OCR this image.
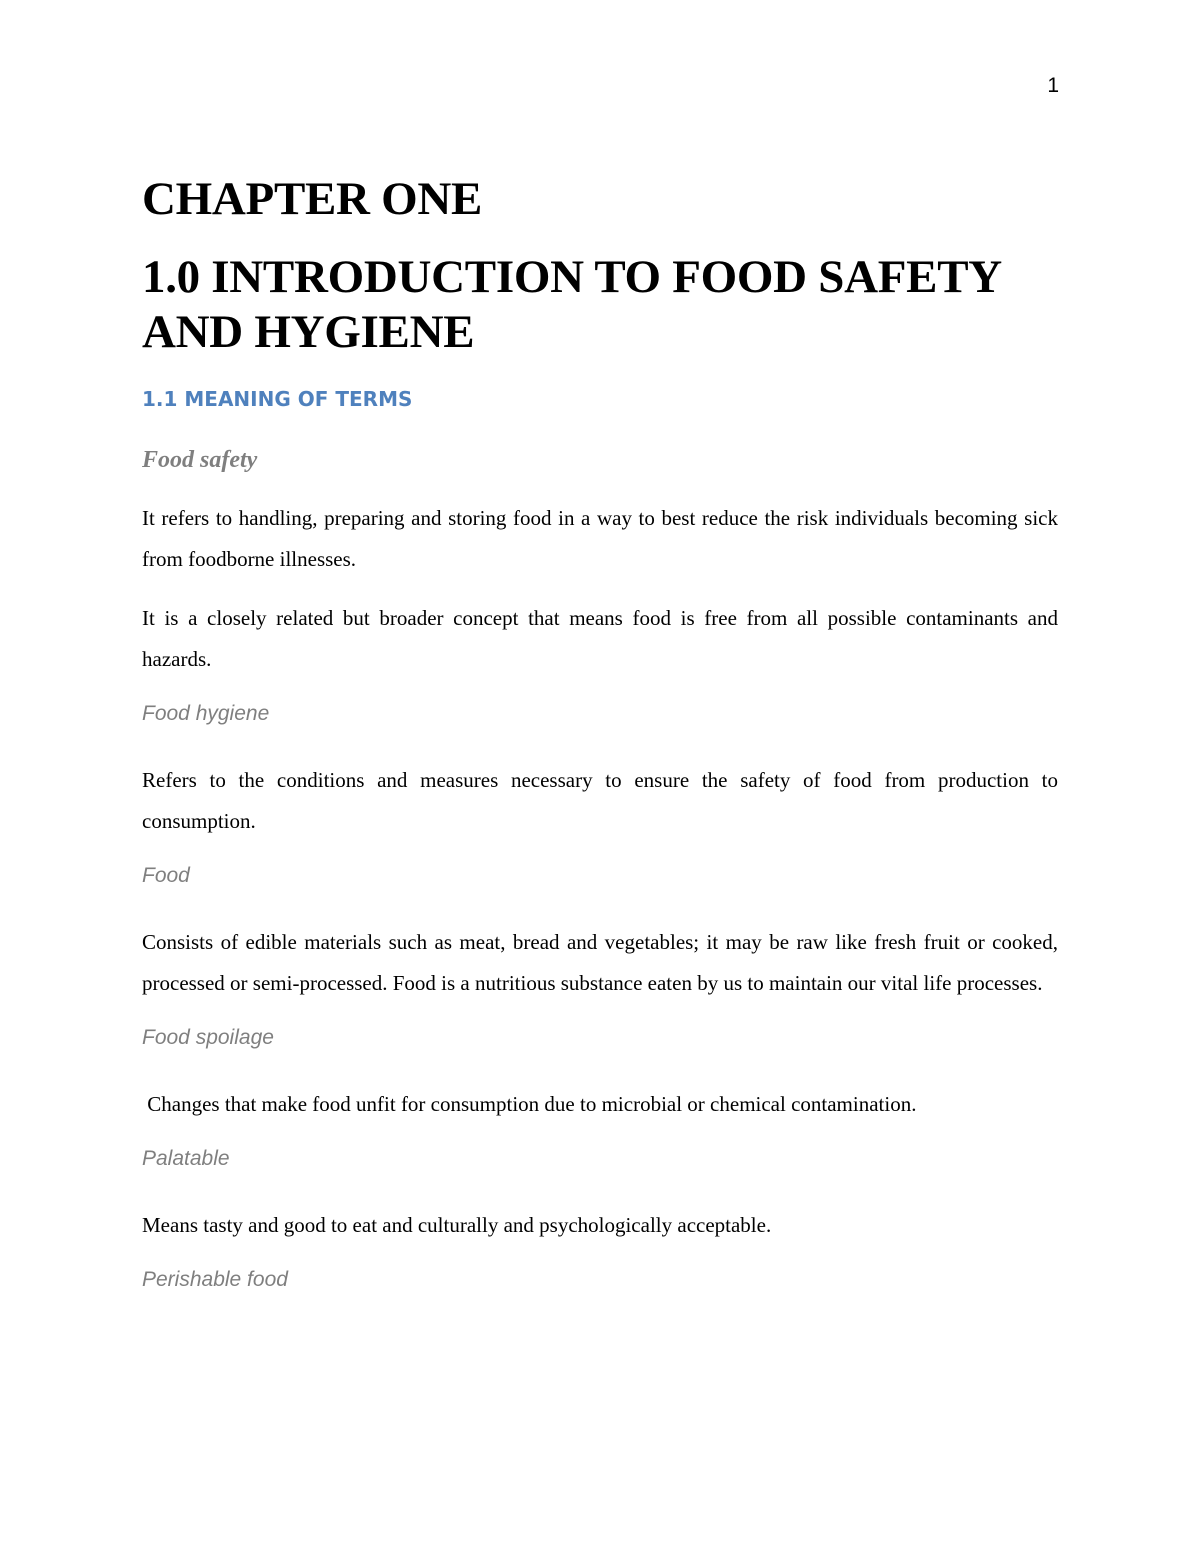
1
CHAPTER ONE
1.0 INTRODUCTION TO FOOD SAFETY AND HYGIENE
1.1 MEANING OF TERMS
Food safety

It refers to handling, preparing and storing food in a way to best reduce the risk individuals becoming sick from foodborne illnesses.

It is a closely related but broader concept that means food is free from all possible contaminants and hazards.

Food hygiene

Refers to the conditions and measures necessary to ensure the safety of food from production to consumption.

Food

Consists of edible materials such as meat, bread and vegetables; it may be raw like fresh fruit or cooked, processed or semi-processed. Food is a nutritious substance eaten by us to maintain our vital life processes.

Food spoilage

Changes that make food unfit for consumption due to microbial or chemical contamination.

Palatable

Means tasty and good to eat and culturally and psychologically acceptable.

Perishable food
